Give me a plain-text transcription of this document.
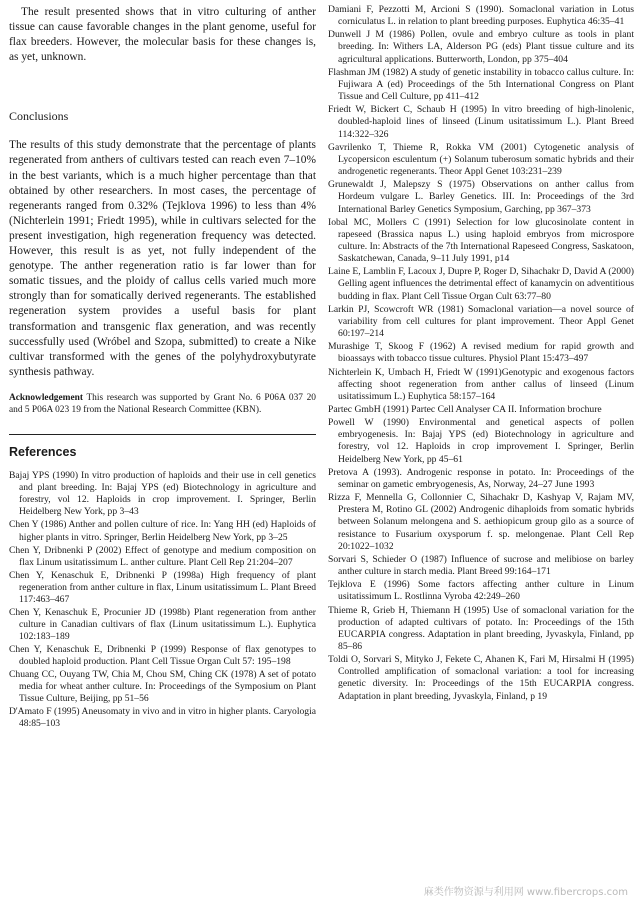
The result presented shows that in vitro culturing of anther tissue can cause favorable changes in the plant genome, useful for flax breeders. However, the molecular basis for these changes is, as yet, unknown.

Conclusions

The results of this study demonstrate that the percentage of plants regenerated from anthers of cultivars tested can reach even 7–10% in the best variants, which is a much higher percentage than that obtained by other researchers. In most cases, the percentage of regenerants ranged from 0.32% (Tejklova 1996) to less than 4% (Nichterlein 1991; Friedt 1995), while in cultivars selected for the present investigation, high regeneration frequency was detected. However, this result is as yet, not fully independent of the genotype. The anther regeneration ratio is far lower than for somatic tissues, and the ploidy of callus cells varied much more strongly than for somatically derived regenerants. The established regeneration system provides a useful basis for plant transformation and transgenic flax generation, and was recently successfully used (Wróbel and Szopa, submitted) to create a Nike cultivar transformed with the genes of the polyhydroxybutyrate synthesis pathway.

Acknowledgement This research was supported by Grant No. 6 P06A 037 20 and 5 P06A 023 19 from the National Research Committee (KBN).

References

Bajaj YPS (1990) In vitro production of haploids and their use in cell genetics and plant breeding. In: Bajaj YPS (ed) Biotechnology in agriculture and forestry, vol 12. Haploids in crop improvement. I. Springer, Berlin Heidelberg New York, pp 3–43

Chen Y (1986) Anther and pollen culture of rice. In: Yang HH (ed) Haploids of higher plants in vitro. Springer, Berlin Heidelberg New York, pp 3–25

Chen Y, Dribnenki P (2002) Effect of genotype and medium composition on flax Linum usitatissimum L. anther culture. Plant Cell Rep 21:204–207

Chen Y, Kenaschuk E, Dribnenki P (1998a) High frequency of plant regeneration from anther culture in flax, Linum usitatissimum L. Plant Breed 117:463–467

Chen Y, Kenaschuk E, Procunier JD (1998b) Plant regeneration from anther culture in Canadian cultivars of flax (Linum usitatissimum L.). Euphytica 102:183–189

Chen Y, Kenaschuk E, Dribnenki P (1999) Response of flax genotypes to doubled haploid production. Plant Cell Tissue Organ Cult 57: 195–198

Chuang CC, Ouyang TW, Chia M, Chou SM, Ching CK (1978) A set of potato media for wheat anther culture. In: Proceedings of the Symposium on Plant Tissue Culture, Beijing, pp 51–56

D'Amato F (1995) Aneusomaty in vivo and in vitro in higher plants. Caryologia 48:85–103

Damiani F, Pezzotti M, Arcioni S (1990). Somaclonal variation in Lotus corniculatus L. in relation to plant breeding purposes. Euphytica 46:35–41

Dunwell J M (1986) Pollen, ovule and embryo culture as tools in plant breeding. In: Withers LA, Alderson PG (eds) Plant tissue culture and its agricultural applications. Butterworth, London, pp 375–404

Flashman JM (1982) A study of genetic instability in tobacco callus culture. In: Fujiwara A (ed) Proceedings of the 5th International Congress on Plant Tissue and Cell Culture, pp 411–412

Friedt W, Bickert C, Schaub H (1995) In vitro breeding of high-linolenic, doubled-haploid lines of linseed (Linum usitatissimum L.). Plant Breed 114:322–326

Gavrilenko T, Thieme R, Rokka VM (2001) Cytogenetic analysis of Lycopersicon esculentum (+) Solanum tuberosum somatic hybrids and their androgenetic regenerants. Theor Appl Genet 103:231–239

Grunewaldt J, Malepszy S (1975) Observations on anther callus from Hordeum vulgare L. Barley Genetics. III. In: Proceedings of the 3rd International Barley Genetics Symposium, Garching, pp 367–373

Iobal MC, Mollers C (1991) Selection for low glucosinolate content in rapeseed (Brassica napus L.) using haploid embryos from microspore culture. In: Abstracts of the 7th International Rapeseed Congress, Saskatoon, Saskatchewan, Canada, 9–11 July 1991, p14

Laine E, Lamblin F, Lacoux J, Dupre P, Roger D, Sihachakr D, David A (2000) Gelling agent influences the detrimental effect of kanamycin on adventitious budding in flax. Plant Cell Tissue Organ Cult 63:77–80

Larkin PJ, Scowcroft WR (1981) Somaclonal variation—a novel source of variability from cell cultures for plant improvement. Theor Appl Genet 60:197–214

Murashige T, Skoog F (1962) A revised medium for rapid growth and bioassays with tobacco tissue cultures. Physiol Plant 15:473–497

Nichterlein K, Umbach H, Friedt W (1991)Genotypic and exogenous factors affecting shoot regeneration from anther callus of linseed (Linum usitatissimum L.) Euphytica 58:157–164

Partec GmbH (1991) Partec Cell Analyser CA II. Information brochure

Powell W (1990) Environmental and genetical aspects of pollen embryogenesis. In: Bajaj YPS (ed) Biotechnology in agriculture and forestry, vol 12. Haploids in crop improvement I. Springer, Berlin Heidelberg New York, pp 45–61

Pretova A (1993). Androgenic response in potato. In: Proceedings of the seminar on gametic embryogenesis, As, Norway, 24–27 June 1993

Rizza F, Mennella G, Collonnier C, Sihachakr D, Kashyap V, Rajam MV, Prestera M, Rotino GL (2002) Androgenic dihaploids from somatic hybrids between Solanum melongena and S. aethiopicum group gilo as a source of resistance to Fusarium oxysporum f. sp. melongenae. Plant Cell Rep 20:1022–1032

Sorvari S, Schieder O (1987) Influence of sucrose and melibiose on barley anther culture in starch media. Plant Breed 99:164–171

Tejklova E (1996) Some factors affecting anther culture in Linum usitatissimum L. Rostlinna Vyroba 42:249–260

Thieme R, Grieb H, Thiemann H (1995) Use of somaclonal variation for the production of adapted cultivars of potato. In: Proceedings of the 15th EUCARPIA congress. Adaptation in plant breeding, Jyvaskyla, Finland, pp 85–86

Toldi O, Sorvari S, Mityko J, Fekete C, Ahanen K, Fari M, Hirsalmi H (1995) Controlled amplification of somaclonal variation: a tool for increasing genetic diversity. In: Proceedings of the 15th EUCARPIA congress. Adaptation in plant breeding, Jyvaskyla, Finland, p 19

麻类作物资源与利用网 www.fibercrops.com
